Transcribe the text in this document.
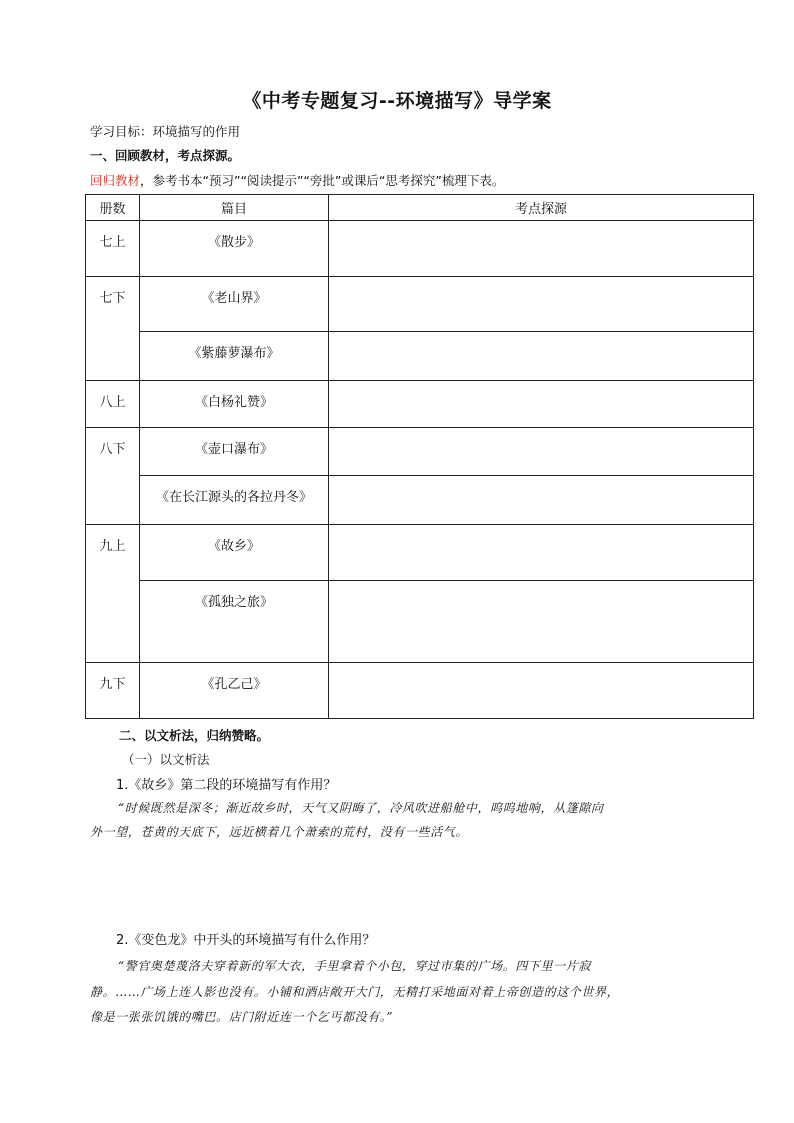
《中考专题复习--环境描写》导学案
学习目标：环境描写的作用
一、回顾教材，考点探源。
回归教材，参考书本“预习”“阅读提示”“旁批”或课后“思考探究”梳理下表。
册数	篇目	考点探源
七上	《散步》	
七下	《老山界》	
	《紫藤萝瀑布》	
八上	《白杨礼赞》	
八下	《壶口瀑布》	
	《在长江源头的各拉丹冬》	
九上	《故乡》	
	《孤独之旅》	
九下	《孔乙己》	
二、以文析法，归纳赞略。
（一）以文析法
1.《故乡》第二段的环境描写有作用？
“时候既然是深冬；渐近故乡时，天气又阴晦了，冷风吹进船舱中，呜呜地响，从篷隙向
外一望，苍黄的天底下，远近横着几个萧索的荒村，没有一些活气。
2.《变色龙》中开头的环境描写有什么作用？
“警官奥楚蔑洛夫穿着新的军大衣，手里拿着个小包，穿过市集的广场。四下里一片寂
静。……广场上连人影也没有。小铺和酒店敞开大门，无精打采地面对着上帝创造的这个世界，
像是一张张饥饿的嘴巴。店门附近连一个乞丐都没有。”
